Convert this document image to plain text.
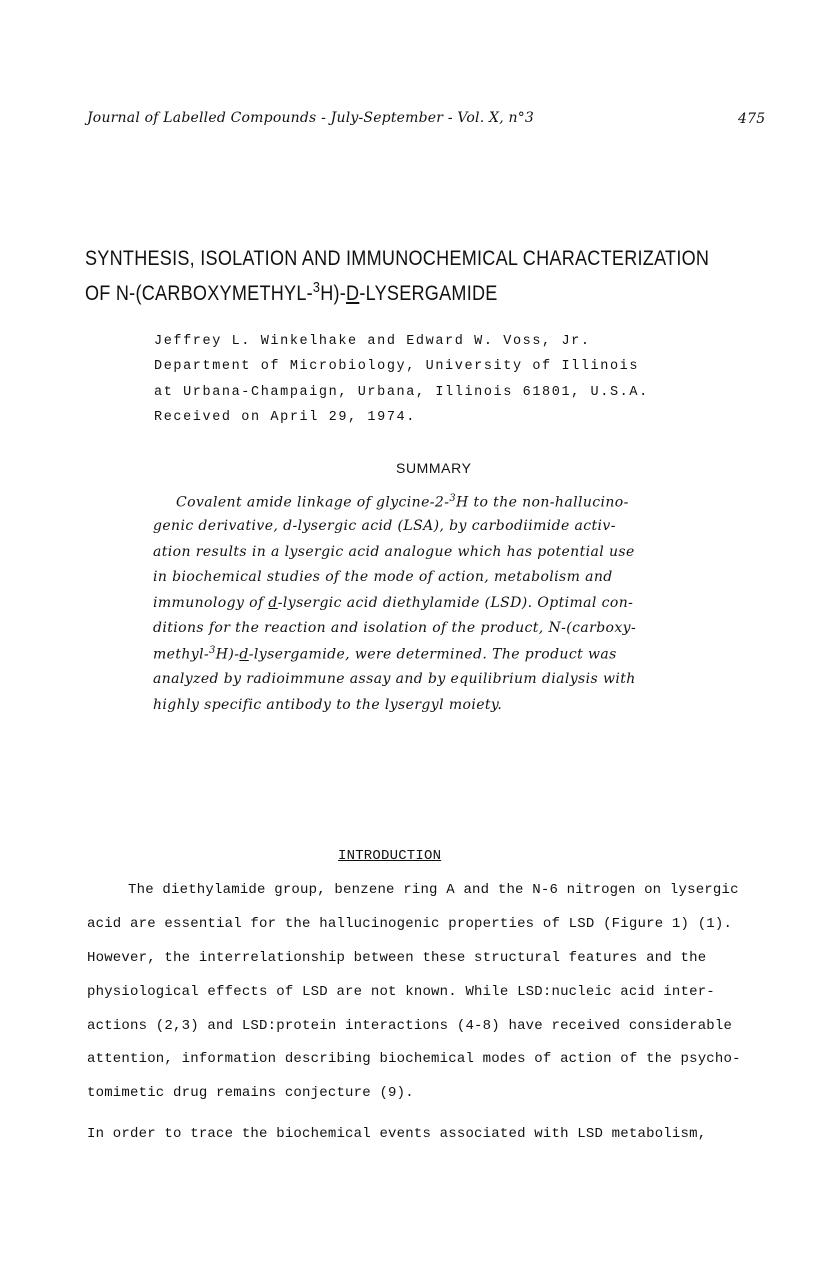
Journal of Labelled Compounds - July-September - Vol. X, n°3	475
SYNTHESIS, ISOLATION AND IMMUNOCHEMICAL CHARACTERIZATION
OF N-(CARBOXYMETHYL-$^3$H)-D-LYSERGAMIDE
Jeffrey L. Winkelhake and Edward W. Voss, Jr.
Department of Microbiology, University of Illinois
at Urbana-Champaign, Urbana, Illinois 61801, U.S.A.
Received on April 29, 1974.
SUMMARY
Covalent amide linkage of glycine-2-$^3$H to the non-hallucino-
genic derivative, d-lysergic acid (LSA), by carbodiimide activ-
ation results in a lysergic acid analogue which has potential use
in biochemical studies of the mode of action, metabolism and
immunology of d-lysergic acid diethylamide (LSD). Optimal con-
ditions for the reaction and isolation of the product, N-(carboxy-
methyl-$^3$H)-d-lysergamide, were determined. The product was
analyzed by radioimmune assay and by equilibrium dialysis with
highly specific antibody to the lysergyl moiety.
INTRODUCTION
The diethylamide group, benzene ring A and the N-6 nitrogen on lysergic
acid are essential for the hallucinogenic properties of LSD (Figure 1) (1).
However, the interrelationship between these structural features and the
physiological effects of LSD are not known. While LSD:nucleic acid inter-
actions (2,3) and LSD:protein interactions (4-8) have received considerable
attention, information describing biochemical modes of action of the psycho-
tomimetic drug remains conjecture (9).
In order to trace the biochemical events associated with LSD metabolism,
